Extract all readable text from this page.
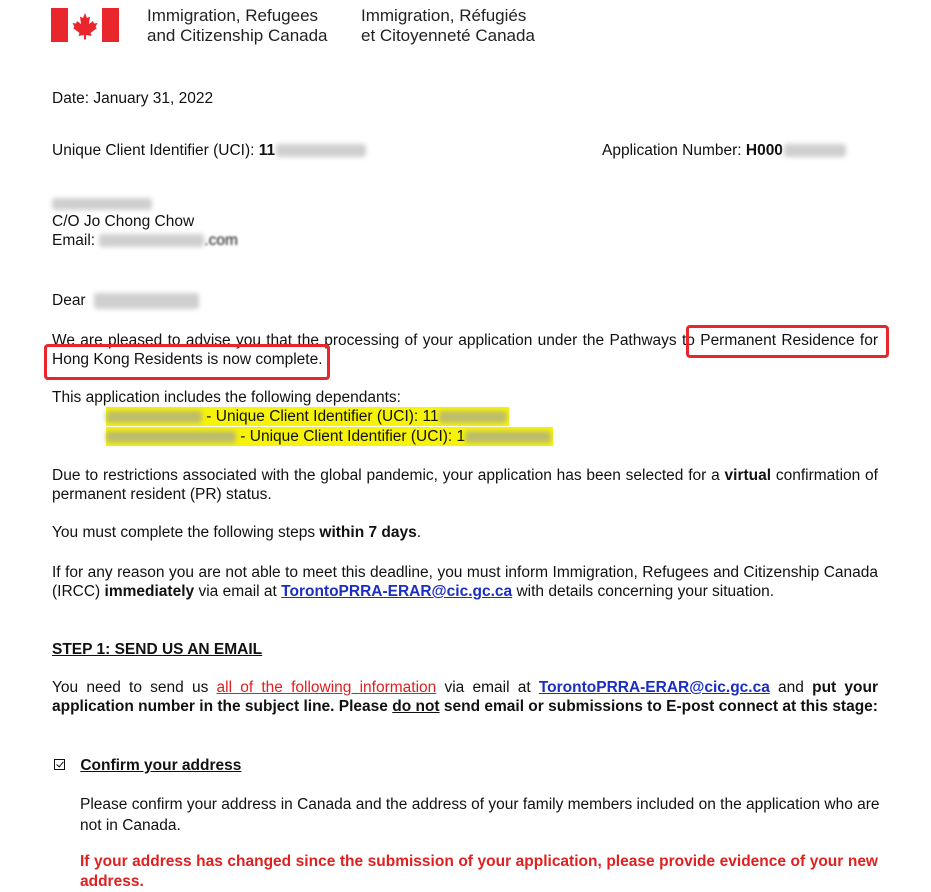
Immigration, Refugees
and Citizenship Canada
Immigration, Réfugiés
et Citoyenneté Canada
Date: January 31, 2022
Unique Client Identifier (UCI): 11	Application Number: H000
C/O Jo Chong Chow
Email:	.com
Dear
We are pleased to advise you that the processing of your application under the Pathways to Permanent Residence for Hong Kong Residents is now complete.
This application includes the following dependants:
- Unique Client Identifier (UCI): 11
- Unique Client Identifier (UCI): 1
Due to restrictions associated with the global pandemic, your application has been selected for a virtual confirmation of permanent resident (PR) status.
You must complete the following steps within 7 days.
If for any reason you are not able to meet this deadline, you must inform Immigration, Refugees and Citizenship Canada (IRCC) immediately via email at TorontoPRRA-ERAR@cic.gc.ca with details concerning your situation.
STEP 1: SEND US AN EMAIL
You need to send us all of the following information via email at TorontoPRRA-ERAR@cic.gc.ca and put your application number in the subject line. Please do not send email or submissions to E-post connect at this stage:
Confirm your address
Please confirm your address in Canada and the address of your family members included on the application who are not in Canada.
If your address has changed since the submission of your application, please provide evidence of your new address.
